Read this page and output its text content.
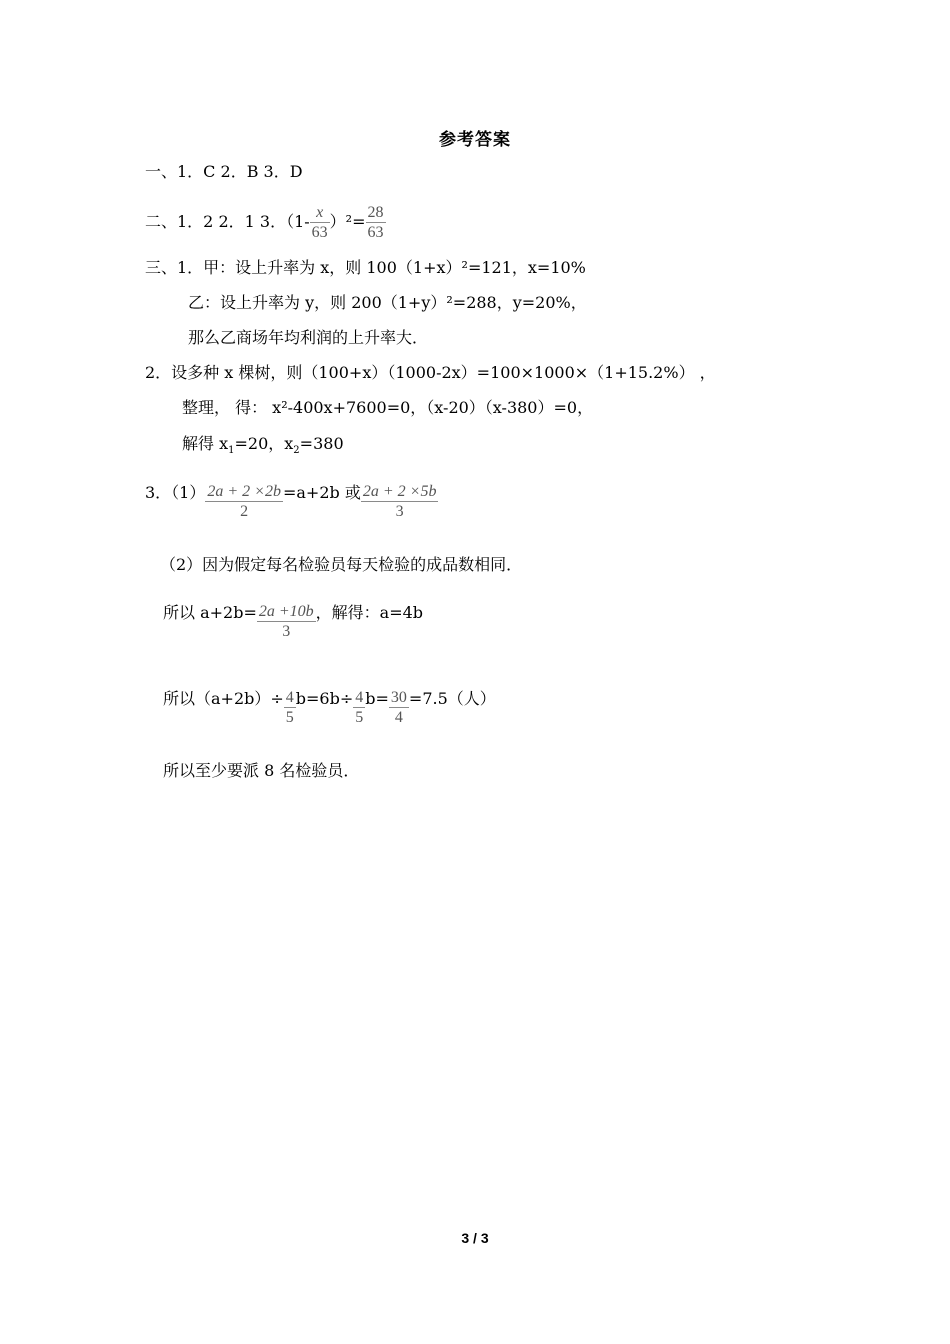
参考答案
一、1．C 2．B 3．D
二、1．2 2．1 3．$(1- \frac{x}{63} )^2= \frac{28}{63}$
三、1．甲：设上升率为 x，则 100（1+x）²=121，x=10%
乙：设上升率为 y，则 200（1+y）²=288，y=20%，
那么乙商场年均利润的上升率大．
2．设多种 x 棵树，则（100+x）（1000-2x）=100×1000×（1+15.2%） ，
整理， 得： x²-400x+7600=0，（x-20）（x-380）=0，
解得 $x_1=20$，$x_2=380$
3．$(1) \frac{2a + 2 \times 2b}{2} =a+2b$ 或 $\frac{2a + 2 \times 5b}{3}$
（2）因为假定每名检验员每天检验的成品数相同．
所以 $a+2b= \frac{2a +10b}{3}$ ，解得：a=4b
所以$(a+2b)\div \frac{4}{5} b=6b\div \frac{4}{5} b= \frac{30}{4} =7.5$（人）
所以至少要派 8 名检验员．
3 / 3
